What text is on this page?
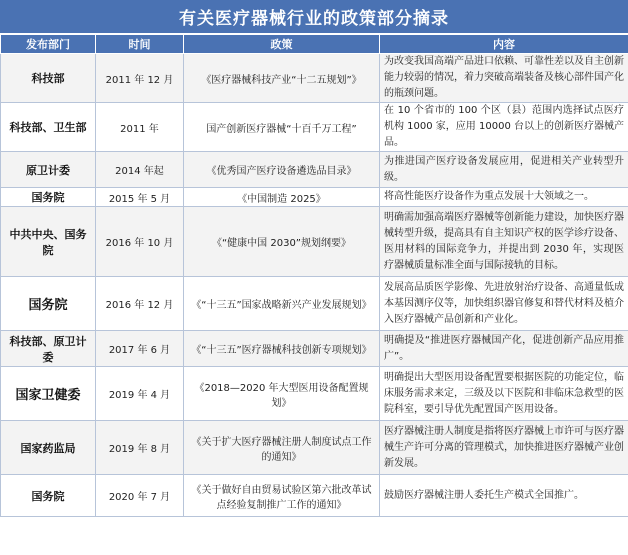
有关医疗器械行业的政策部分摘录
发布部门	时间	政策	内容
科技部	2011 年 12 月	《医疗器械科技产业“十二五规划”》	为改变我国高端产品进口依赖、可靠性差以及自主创新能力较弱的情况，着力突破高端装备及核心部件国产化的瓶颈问题。
科技部、卫生部	2011 年	国产创新医疗器械“十百千万工程”	在 10 个省市的 100 个区（县）范围内选择试点医疗机构 1000 家，应用 10000 台以上的创新医疗器械产品。
原卫计委	2014 年起	《优秀国产医疗设备遴选品目录》	为推进国产医疗设备发展应用，促进相关产业转型升级。
国务院	2015 年 5 月	《中国制造 2025》	将高性能医疗设备作为重点发展十大领域之一。
中共中央、国务院	2016 年 10 月	《“健康中国 2030”规划纲要》	明确需加强高端医疗器械等创新能力建设，加快医疗器械转型升级，提高具有自主知识产权的医学诊疗设备、医用材料的国际竞争力，并提出到 2030 年，实现医疗器械质量标准全面与国际接轨的目标。
国务院	2016 年 12 月	《“十三五”国家战略新兴产业发展规划》	发展高品质医学影像、先进放射治疗设备、高通量低成本基因测序仪等，加快组织器官修复和替代材料及植介入医疗器械产品创新和产业化。
科技部、原卫计委	2017 年 6 月	《“十三五”医疗器械科技创新专项规划》	明确提及“推进医疗器械国产化，促进创新产品应用推广”。
国家卫健委	2019 年 4 月	《2018—2020 年大型医用设备配置规划》	明确提出大型医用设备配置要根据医院的功能定位，临床服务需求来定，三级及以下医院和非临床急救型的医院科室，要引导优先配置国产医用设备。
国家药监局	2019 年 8 月	《关于扩大医疗器械注册人制度试点工作的通知》	医疗器械注册人制度是指将医疗器械上市许可与医疗器械生产许可分离的管理模式，加快推进医疗器械产业创新发展。
国务院	2020 年 7 月	《关于做好自由贸易试验区第六批改革试点经验复制推广工作的通知》	鼓励医疗器械注册人委托生产模式全国推广。
